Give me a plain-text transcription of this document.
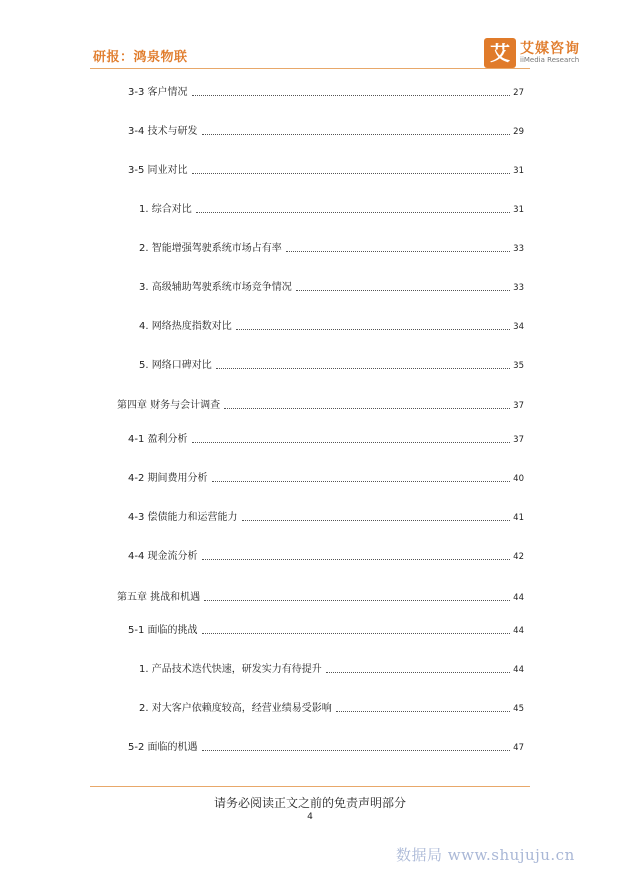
研报：鸿泉物联	艾 艾媒咨询
iiMedia Research
3-3 客户情况	27
3-4 技术与研发	29
3-5 同业对比	31
1. 综合对比	31
2. 智能增强驾驶系统市场占有率	33
3. 高级辅助驾驶系统市场竞争情况	33
4. 网络热度指数对比	34
5. 网络口碑对比	35
第四章 财务与会计调查	37
4-1 盈利分析	37
4-2 期间费用分析	40
4-3 偿债能力和运营能力	41
4-4 现金流分析	42
第五章 挑战和机遇	44
5-1 面临的挑战	44
1. 产品技术迭代快速，研发实力有待提升	44
2. 对大客户依赖度较高，经营业绩易受影响	45
5-2 面临的机遇	47
请务必阅读正文之前的免责声明部分
4
数据局 www.shujuju.cn
